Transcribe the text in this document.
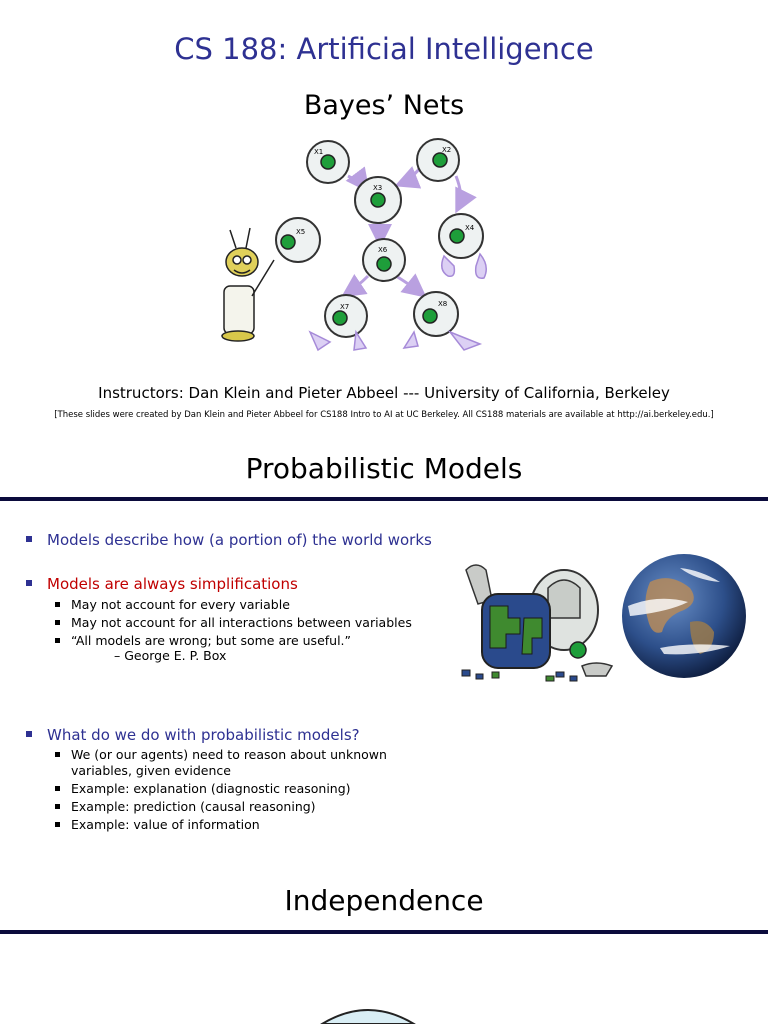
CS 188: Artificial Intelligence
Bayes’ Nets
X1	X2
X3
X4
X5
X6
X7	X8
Instructors: Dan Klein and Pieter Abbeel --- University of California, Berkeley
[These slides were created by Dan Klein and Pieter Abbeel for CS188 Intro to AI at UC Berkeley. All CS188 materials are available at http://ai.berkeley.edu.]
Probabilistic Models

Models describe how (a portion of) the world works

Models are always simplifications

May not account for every variable

May not account for all interactions between variables

“All models are wrong; but some are useful.”

– George E. P. Box

What do we do with probabilistic models?

We (or our agents) need to reason about unknown variables, given evidence

Example: explanation (diagnostic reasoning)

Example: prediction (causal reasoning)

Example: value of information

Independence
